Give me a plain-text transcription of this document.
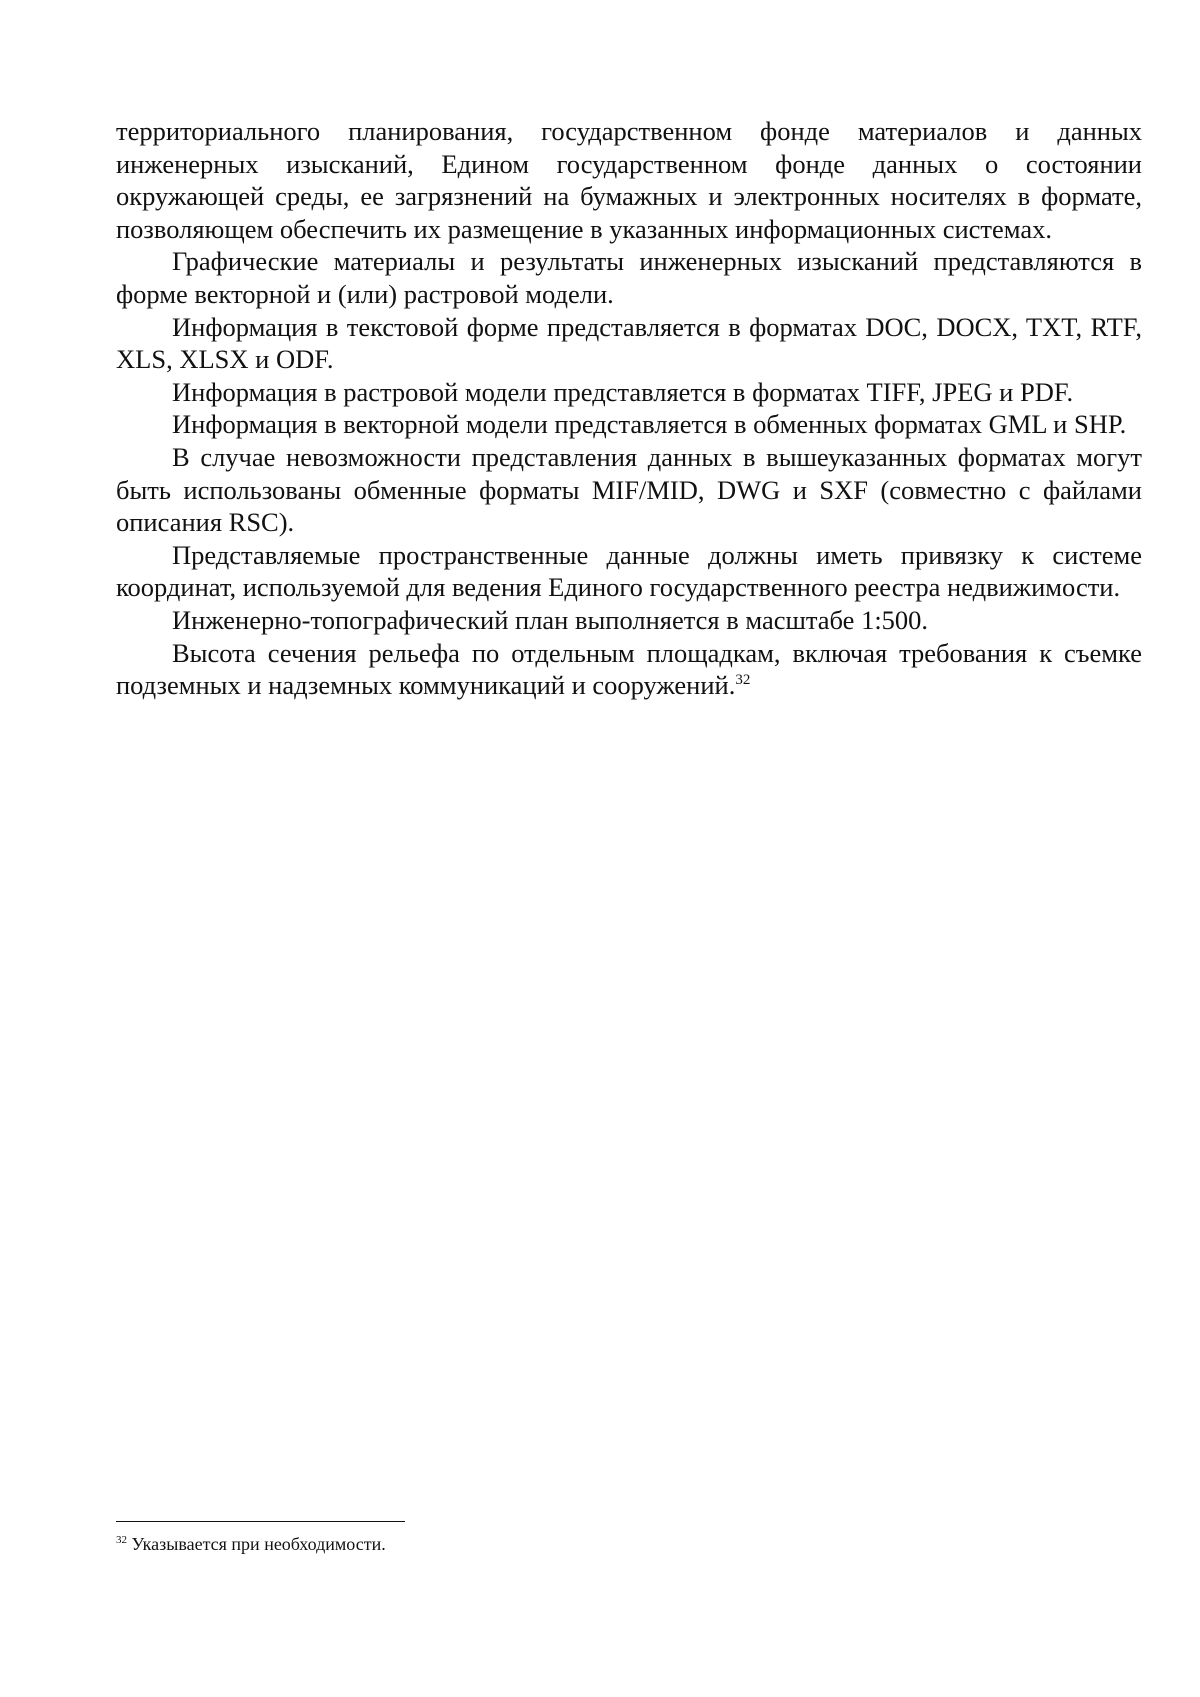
территориального планирования, государственном фонде материалов и данных инженерных изысканий, Едином государственном фонде данных о состоянии окружающей среды, ее загрязнений на бумажных и электронных носителях в формате, позволяющем обеспечить их размещение в указанных информационных системах.

Графические материалы и результаты инженерных изысканий представляются в форме векторной и (или) растровой модели.

Информация в текстовой форме представляется в форматах DOC, DOCX, TXT, RTF, XLS, XLSX и ODF.

Информация в растровой модели представляется в форматах TIFF, JPEG и PDF.

Информация в векторной модели представляется в обменных форматах GML и SHP.

В случае невозможности представления данных в вышеуказанных форматах могут быть использованы обменные форматы MIF/MID, DWG и SXF (совместно с файлами описания RSC).

Представляемые пространственные данные должны иметь привязку к системе координат, используемой для ведения Единого государственного реестра недвижимости.

Инженерно-топографический план выполняется в масштабе 1:500.

Высота сечения рельефа по отдельным площадкам, включая требования к съемке подземных и надземных коммуникаций и сооружений.$^{32}$

$^{32}$ Указывается при необходимости.
